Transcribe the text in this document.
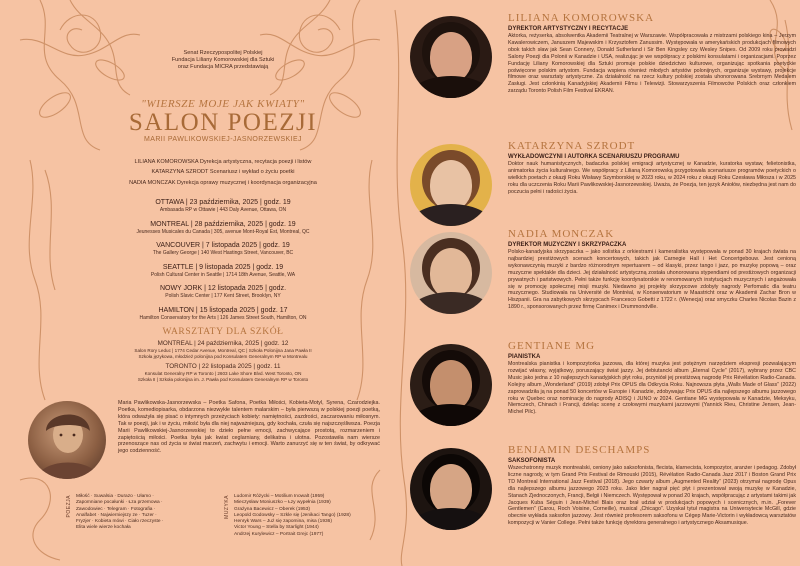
Senat Rzeczypospolitej Polskiej
Fundacja Liliany Komorowskiej dla Sztuki
oraz Fundacja MICRA przedstawiają
"WIERSZE MOJE JAK KWIATY"
SALON POEZJI
MARII PAWLIKOWSKIEJ-JASNORZEWSKIEJ
LILIANA KOMOROWSKA Dyrekcja artystyczna, recytacja poezji i listów
KATARZYNA SZRODT Scenariusz i wykład o życiu poetki
NADIA MONCZAK Dyrekcja oprawy muzycznej i koordynacja organizacyjna
OTTAWA | 23 października, 2025 | godz. 19
Ambasada RP w Ottawie | 443 Daly Avenue, Ottawa, ON
MONTREAL | 28 października, 2025 | godz. 19
Jeunesses Musicales du Canada | 305, avenue Mont-Royal Est, Montreal, QC
VANCOUVER | 7 listopada 2025 | godz. 19
The Gallery George | 140 West Hastings Street, Vancouver, BC
SEATTLE | 9 listopada 2025 | godz. 19
Polish Cultural Center in Seattle | 1714 18th Avenue, Seattle, WA
NOWY JORK | 12 listopada 2025 | godz.
Polish Slavic Center | 177 Kent Street, Brooklyn, NY
HAMILTON | 15 listopada 2025 | godz. 17
Hamilton Conservatory for the Arts | 126 James Street South, Hamilton, ON
WARSZTATY DLA SZKÓŁ
MONTREAL | 24 października, 2025 | godz. 12
Salon Rory Leduc | 1774 Cedar Avenue, Montreal, QC | Szkoła Polonijna Jana Pawła II
Szkoła językowa, młodzież polonijna pod Konsulatem Generalnym RP w Montrealu
TORONTO | 22 listopada 2025 | godz. 11
Konsulat Generalny RP w Toronto | 2603 Lake Shore Blvd. West Toronto, ON
Szkoła II | Szkoła polonijna im. J. Pawła pod Konsulatem Generalnym RP w Toronto
Maria Pawlikowska-Jasnorzewska – Poetka Safona, Poetka Miłości, Kobieta-Motyl, Syrena, Czarodziejka. Poetka, komediopisarka, obdarzona niezwykłe talentem malarskim – była pierwszą w polskiej poezji poetką, która odważyła się pisać o intymnych przeżyciach kobiety: namiętności, zazdrości, zaczarowaniu miłosnym. Tak w poezji, jak i w życiu, miłość była dla niej najważniejszą, gdy kochała, czuła się najszczęśliwsza. Poezja Marii Pawlikowskiej-Jasnorzewskiej to dzieło pełne emocji, zachwycające prostotą, rozmarzeniem i zapiętością miłości. Poetka była jak kwiat ceglarniany, delikatna i ulotna. Pozostawiła nam wiersze przenoszące nas od życia w świat marzeń, zachwytu i emocji. Warto zanurzyć się w ten świat, by odkrywać jego codzienność.
POEZJA Miłość · Suwalsia · Durazo · Ułamo ·
Zapomniane pocałunki · Łza przemowa ·
Zawodowiec · Telegram · Fotografia ·
Analfabet · Najwierniejszy ze · Tuzer ·
Fryzjer · Kobieta mówi · Ciało rzeczyste ·
Elita wiele wierze kochała
MUZYKA Ludomir Różycki – Motilium Inowalt (1959)
Mieczysław Moniuszko – Łzy wypełnia (1939)
Grażyna Bacewicz – Oberek (1953)
Leopold Godowsky – Szkle się (Jenikaci Tango) (1928)
Henryk Wars – Już się zapomina, misa (1936)
Victor Young – Stella by Starlight (1944)
Andrzej Kurylewicz – Portrait Grejc (1977)
LILIANA KOMOROWSKA
DYREKTOR ARTYSTYCZNY I RECYTACJE
Aktorka, reżyserka, absolwentka Akademii Teatralnej w Warszawie. Współpracowała z mistrzami polskiego kina – Jerzym Kawalerowiczem, Januszem Majewskim i Krzysztofem Zanussim. Występowała w amerykańskich produkcjach filmowych obok takich sław jak Sean Connery, Donald Sutherland i Sir Ben Kingsley czy Wesley Snipes. Od 2009 roku prowadzi Salony Poezji dla Polonii w Kanadzie i USA, realizując je we współpracy z polskimi konsulatami i organizacjami. Poprzez Fundację Liliany Komorowskiej dla Sztuki promuje polskie dziedzictwo kulturowe, organizując spotkania poetyckie poświęcone polskim artystom. Fundacja wspiera również młodych artystów polonijnych, organizuje wystawy, projekcje filmowe oraz warsztaty artystyczne. Za działalność na rzecz kultury polskiej została uhonorowana Srebrnym Medalem Zasługi. Jest członkinią Kanadyjskiej Akademii Filmu i Telewizji. Stowarzyszenia Filmowców Polskich oraz członkiem zarządu Toronto Polish Film Festival EKRAN.
KATARZYNA SZRODT
WYKŁADOWCZYNI I AUTORKA SCENARIUSZU PROGRAMU
Doktor nauk humanistycznych, badaczka polskiej emigracji artystycznej w Kanadzie, kuratorka wystaw, felietonistka, animatorka życia kulturalnego. We współpracy z Lilianą Komorowską przygotowała scenariusze programów poetyckich o wielkich poetach z okazji Roku Wisławy Szymborskiej w 2023 roku, w 2024 roku z okazji Roku Czesława Miłosza i w 2025 roku dla uczczenia Roku Marii Pawlikowskiej-Jasnorzewskiej. Uważa, że Poezja, ten język Aniołów, niezbędna jest nam do poczucia pełni i radości życia.
NADIA MONCZAK
DYREKTOR MUZYCZNY I SKRZYPACZKA
Polsko-kanadyjska skrzypaczka – jako solistka z orkiestrami i kameralistka występowała w ponad 30 krajach świata na najbardziej prestiżowych scenach koncertowych, takich jak Carnegie Hall i Het Concertgebouw. Jest cenioną wykonawczynią muzyki z bardzo różnorodnym repertuarem – od klasyki, przez tango i jazz, po muzykę popową – oraz muzyczne spektakle dla dzieci. Jej działalność artystyczną została uhonorowana stypendiami od prestiżowych organizacji prywatnych i państwowych. Pełni także funkcję koordynatorskie w renomowanych instytucjach muzycznych i angażowała się w promocję społecznej misji muzyki. Niedawno jej projekty skrzypcowe zdobyły nagrody Perfomatic dla teatru muzycznego. Studiowała na Université de Montréal, w Konserwatorium w Maastricht oraz w Akademii Zachar Bron w Hiszpanii. Gra na zabytkowych skrzypcach Francesco Gobetti z 1722 r. (Wenecja) oraz smyczku Charles Nicolas Bazin z 1890 r., sponsorowanych przez firmę Canimex i Drummondville.
GENTIANE MG
PIANISTKA
Montrealska pianistka i kompozytorka jazzowa, dla której muzyka jest potężnym narzędziem ekspresji pozwalającym rozwijać własny, wyjątkowy, poruszający świat jazzy. Jej debiutancki album „Eternal Cycle” (2017), wybrany przez CBC Music jako jedna z 10 najlepszych kanadyjskich płyt roku, przyniósł jej prestiżową nagrodę Prix Révélation Radio-Canada. Kolejny album „Wonderland” (2019) zdobył Prix OPUS dla Odkrycia Roku. Najnowsza płyta „Walls Made of Glass” (2022) zaprowadziła ją na ponad 50 koncertów w Europie i Kanadzie, zdobywając Prix OPUS dla najlepszego albumu jazzowego roku w Quebec oraz nominację do nagrody ADISQ i JUNO w 2024. Gentiane MG występowała w Kanadzie, Meksyku, Niemczech, Chinach i Francji, dzieląc scenę z czołowymi muzykami jazzowymi (Yannick Rieu, Christine Jensen, Jean-Michel Pilc).
BENJAMIN DESCHAMPS
SAKSOFONISTA
Wszechstronny muzyk montrealski, ceniony jako saksofonista, flecista, klarnecista, kompozytor, aranżer i pedagog. Zdobył liczne nagrody, w tym Grand Prix Festival de Rimouski (2015), Révélation Radio-Canada Jazz 2017 i Boston Grand Prix TD Montreal International Jazz Festival (2018). Jego czwarty album „Augmented Reality” (2023) otrzymał nagrodę Opus dla najlepszego albumu jazzowego 2023 roku. Jako lider nagrał pięć płyt i prezentował swoją muzykę w Kanadzie, Stanach Zjednoczonych, Francji, Belgii i Niemczech. Występował w ponad 20 krajach, współpracując z artystami takimi jak Jacques Kuba Séguin i Jean-Michel Blais oraz brał udział w produkcjach popowych i scenicznych, m.in. „Forever Gentlemen” (Carou, Roch Voisine, Corneille), musical „Chicago”. Uzyskał tytuł magistra na Uniwersytecie McGill, gdzie obecnie wykłada saksofon jazzowy. Jest również profesorem saksofonu w Cégep Marie-Victorin i wykładowcą warsztatów kompozycji w Vanier College. Pełni także funkcję dyrektora generalnego i artystycznego Aksamusique.
